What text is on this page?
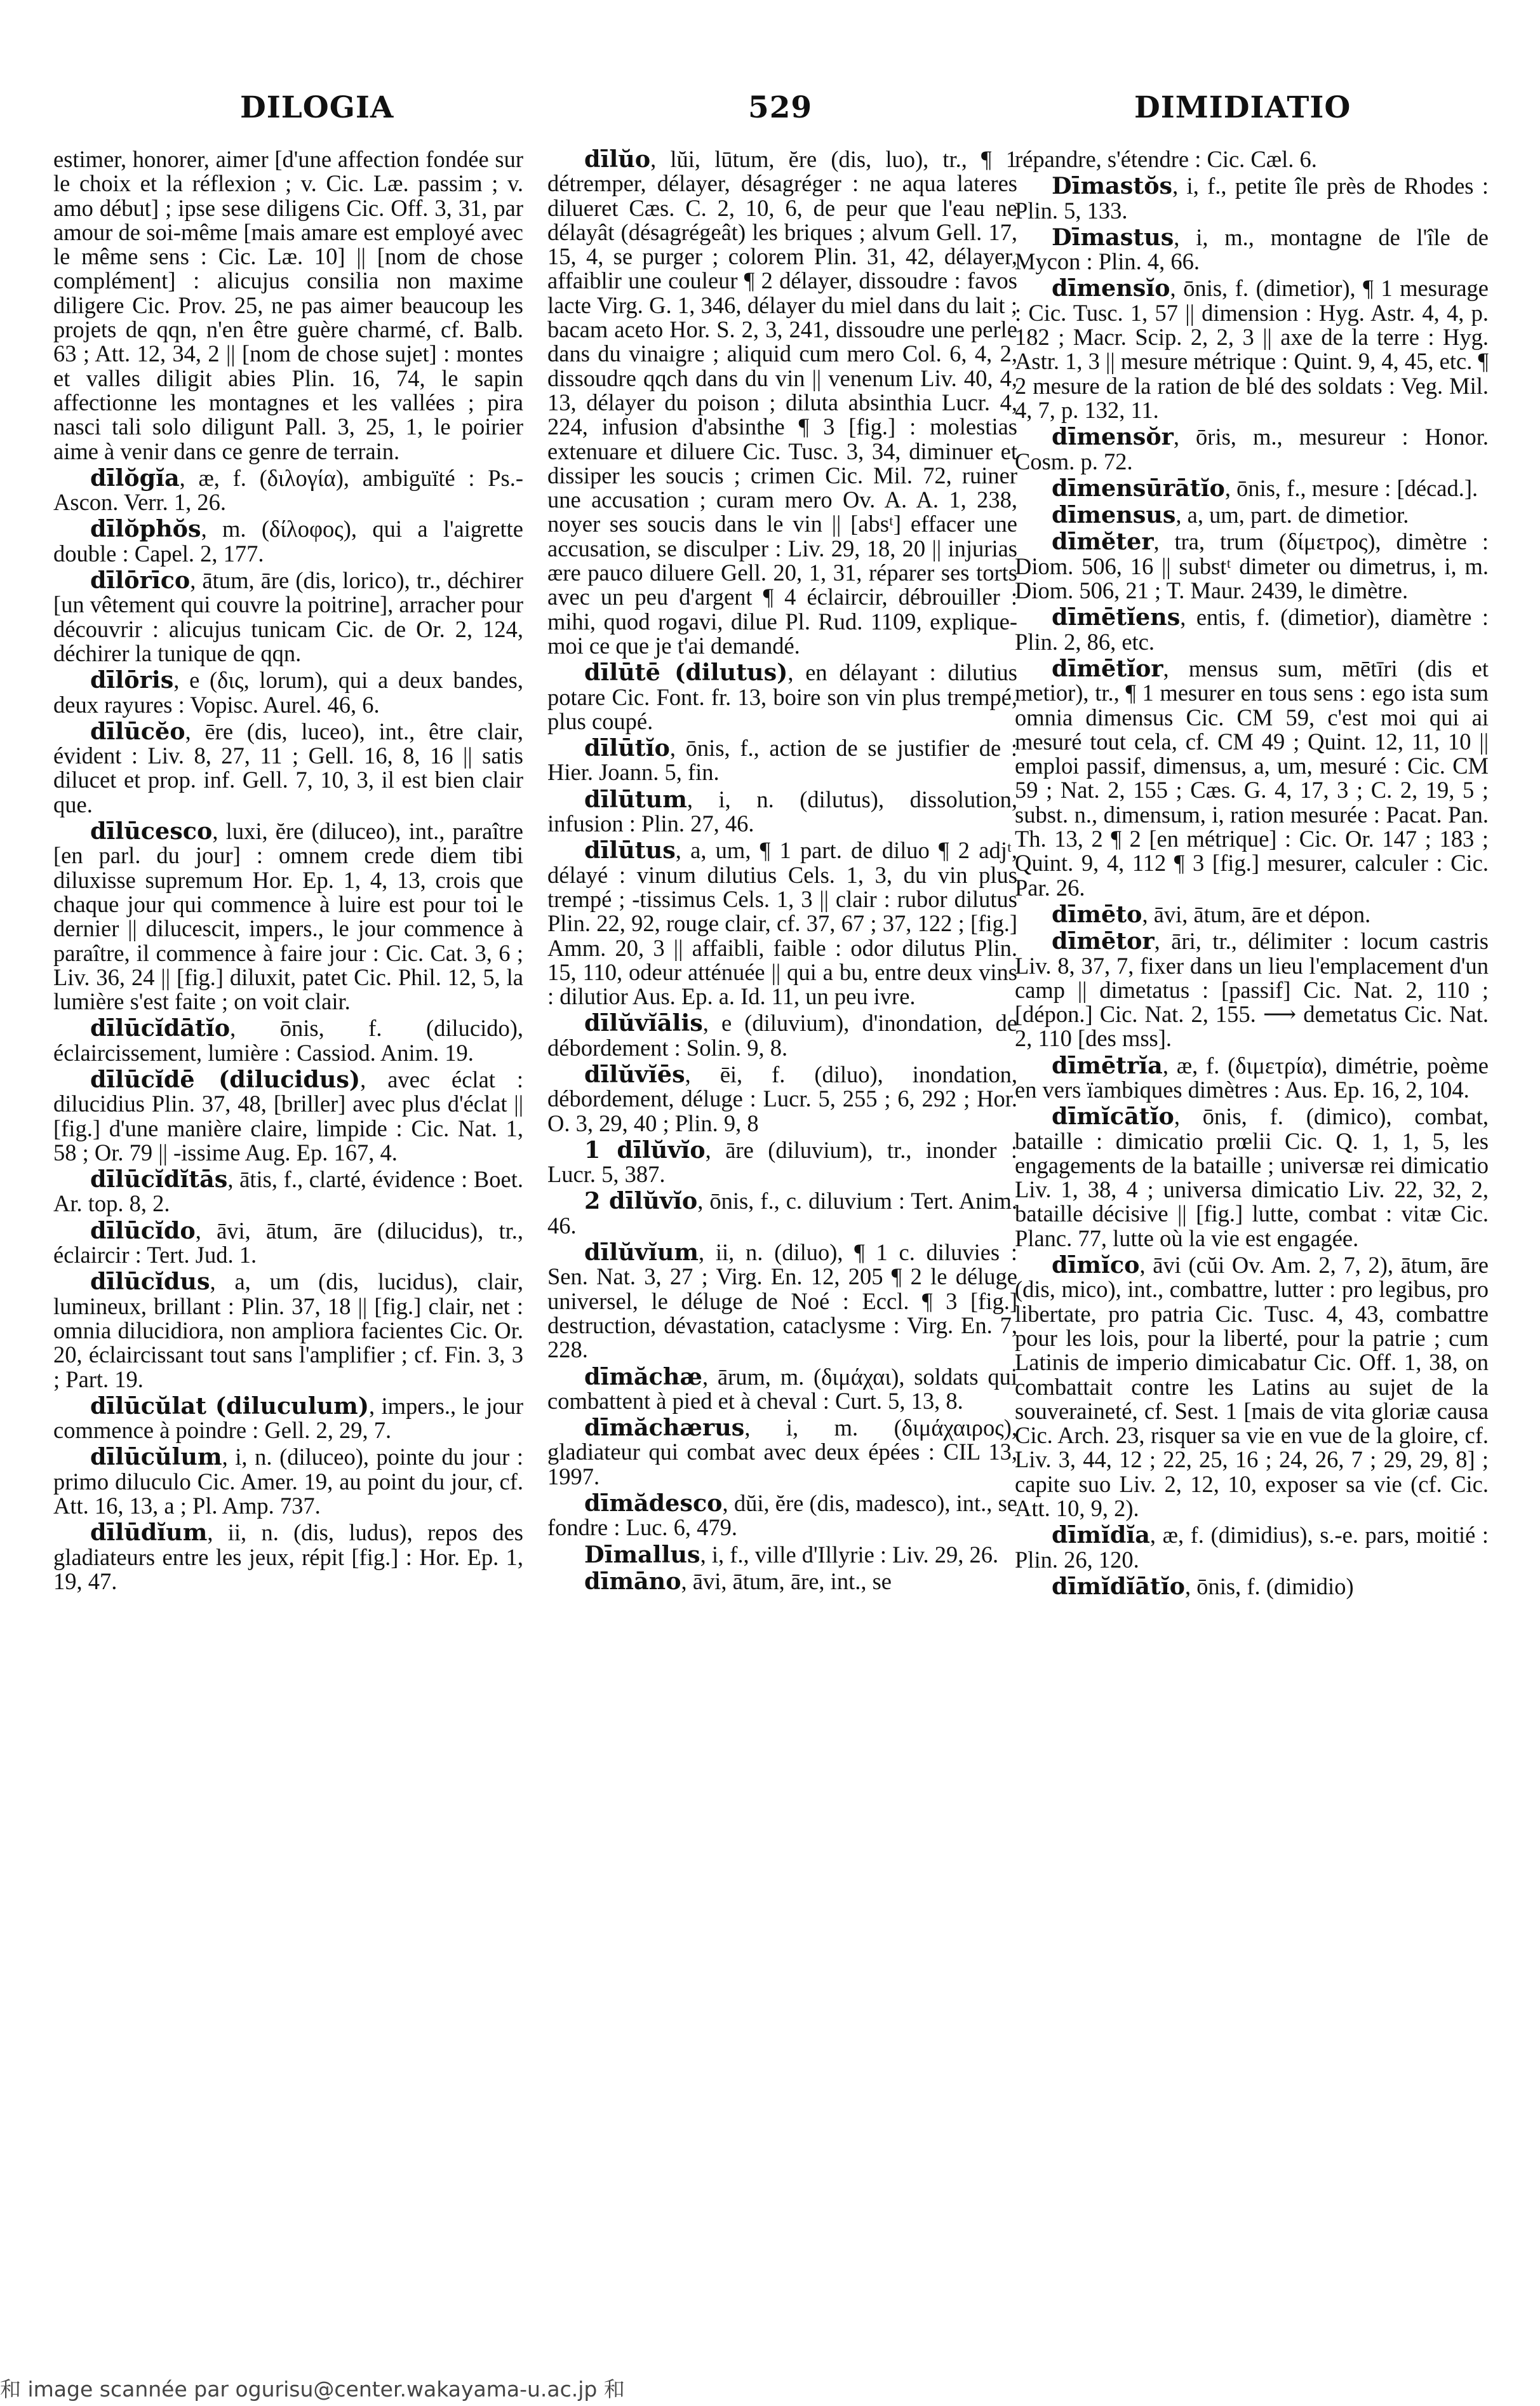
DILOGIA	529	DIMIDIATIO

estimer, honorer, aimer [d'une affection fondée sur le choix et la réflexion ; v. Cic. Læ. passim ; v. amo début] ; ipse sese diligens Cic. Off. 3, 31, par amour de soi-même [mais amare est employé avec le même sens : Cic. Læ. 10] || [nom de chose complément] : alicujus consilia non maxime diligere Cic. Prov. 25, ne pas aimer beaucoup les projets de qqn, n'en être guère charmé, cf. Balb. 63 ; Att. 12, 34, 2 || [nom de chose sujet] : montes et valles diligit abies Plin. 16, 74, le sapin affectionne les montagnes et les vallées ; pira nasci tali solo diligunt Pall. 3, 25, 1, le poirier aime à venir dans ce genre de terrain.

dīlŏgĭa, æ, f. (διλογία), ambiguïté : Ps.-Ascon. Verr. 1, 26.

dīlŏphŏs, m. (δίλοφος), qui a l'aigrette double : Capel. 2, 177.

dīlōrīco, ātum, āre (dis, lorico), tr., déchirer [un vêtement qui couvre la poitrine], arracher pour découvrir : alicujus tunicam Cic. de Or. 2, 124, déchirer la tunique de qqn.

dīlōris, e (δις, lorum), qui a deux bandes, deux rayures : Vopisc. Aurel. 46, 6.

dīlūcĕo, ēre (dis, luceo), int., être clair, évident : Liv. 8, 27, 11 ; Gell. 16, 8, 16 || satis dilucet et prop. inf. Gell. 7, 10, 3, il est bien clair que.

dīlūcesco, luxi, ĕre (diluceo), int., paraître [en parl. du jour] : omnem crede diem tibi diluxisse supremum Hor. Ep. 1, 4, 13, crois que chaque jour qui commence à luire est pour toi le dernier || dilucescit, impers., le jour commence à paraître, il commence à faire jour : Cic. Cat. 3, 6 ; Liv. 36, 24 || [fig.] diluxit, patet Cic. Phil. 12, 5, la lumière s'est faite ; on voit clair.

dīlūcĭdātĭo, ōnis, f. (dilucido), éclaircissement, lumière : Cassiod. Anim. 19.

dīlūcĭdē (dilucidus), avec éclat : dilucidius Plin. 37, 48, [briller] avec plus d'éclat || [fig.] d'une manière claire, limpide : Cic. Nat. 1, 58 ; Or. 79 || -issime Aug. Ep. 167, 4.

dīlūcĭdĭtās, ātis, f., clarté, évidence : Boet. Ar. top. 8, 2.

dīlūcĭdo, āvi, ātum, āre (dilucidus), tr., éclaircir : Tert. Jud. 1.

dīlūcĭdus, a, um (dis, lucidus), clair, lumineux, brillant : Plin. 37, 18 || [fig.] clair, net : omnia dilucidiora, non ampliora facientes Cic. Or. 20, éclaircissant tout sans l'amplifier ; cf. Fin. 3, 3 ; Part. 19.

dīlūcŭlat (diluculum), impers., le jour commence à poindre : Gell. 2, 29, 7.

dīlūcŭlum, i, n. (diluceo), pointe du jour : primo diluculo Cic. Amer. 19, au point du jour, cf. Att. 16, 13, a ; Pl. Amp. 737.

dīlūdĭum, ii, n. (dis, ludus), repos des gladiateurs entre les jeux, répit [fig.] : Hor. Ep. 1, 19, 47.

dīlŭo, lŭi, lūtum, ĕre (dis, luo), tr., ¶ 1 détremper, délayer, désagréger : ne aqua lateres dilueret Cæs. C. 2, 10, 6, de peur que l'eau ne délayât (désagrégeât) les briques ; alvum Gell. 17, 15, 4, se purger ; colorem Plin. 31, 42, délayer, affaiblir une couleur ¶ 2 délayer, dissoudre : favos lacte Virg. G. 1, 346, délayer du miel dans du lait ; bacam aceto Hor. S. 2, 3, 241, dissoudre une perle dans du vinaigre ; aliquid cum mero Col. 6, 4, 2, dissoudre qqch dans du vin || venenum Liv. 40, 4, 13, délayer du poison ; diluta absinthia Lucr. 4, 224, infusion d'absinthe ¶ 3 [fig.] : molestias extenuare et diluere Cic. Tusc. 3, 34, diminuer et dissiper les soucis ; crimen Cic. Mil. 72, ruiner une accusation ; curam mero Ov. A. A. 1, 238, noyer ses soucis dans le vin || [absᵗ] effacer une accusation, se disculper : Liv. 29, 18, 20 || injurias ære pauco diluere Gell. 20, 1, 31, réparer ses torts avec un peu d'argent ¶ 4 éclaircir, débrouiller : mihi, quod rogavi, dilue Pl. Rud. 1109, explique-moi ce que je t'ai demandé.

dīlūtē (dilutus), en délayant : dilutius potare Cic. Font. fr. 13, boire son vin plus trempé, plus coupé.

dīlūtĭo, ōnis, f., action de se justifier de : Hier. Joann. 5, fin.

dīlūtum, i, n. (dilutus), dissolution, infusion : Plin. 27, 46.

dīlūtus, a, um, ¶ 1 part. de diluo ¶ 2 adjᵗ, délayé : vinum dilutius Cels. 1, 3, du vin plus trempé ; -tissimus Cels. 1, 3 || clair : rubor dilutus Plin. 22, 92, rouge clair, cf. 37, 67 ; 37, 122 ; [fig.] Amm. 20, 3 || affaibli, faible : odor dilutus Plin. 15, 110, odeur atténuée || qui a bu, entre deux vins : dilutior Aus. Ep. a. Id. 11, un peu ivre.

dīlŭvĭālis, e (diluvium), d'inondation, de débordement : Solin. 9, 8.

dīlŭvĭēs, ēi, f. (diluo), inondation, débordement, déluge : Lucr. 5, 255 ; 6, 292 ; Hor. O. 3, 29, 40 ; Plin. 9, 8

1 dīlŭvĭo, āre (diluvium), tr., inonder : Lucr. 5, 387.

2 dīlŭvĭo, ōnis, f., c. diluvium : Tert. Anim. 46.

dīlŭvĭum, ii, n. (diluo), ¶ 1 c. diluvies : Sen. Nat. 3, 27 ; Virg. En. 12, 205 ¶ 2 le déluge universel, le déluge de Noé : Eccl. ¶ 3 [fig.] destruction, dévastation, cataclysme : Virg. En. 7, 228.

dīmăchæ, ārum, m. (διμάχαι), soldats qui combattent à pied et à cheval : Curt. 5, 13, 8.

dīmăchærus, i, m. (διμάχαιρος), gladiateur qui combat avec deux épées : CIL 13, 1997.

dīmădesco, dŭi, ĕre (dis, madesco), int., se fondre : Luc. 6, 479.

Dīmallus, i, f., ville d'Illyrie : Liv. 29, 26.

dīmāno, āvi, ātum, āre, int., se

répandre, s'étendre : Cic. Cæl. 6.

Dīmastŏs, i, f., petite île près de Rhodes : Plin. 5, 133.

Dīmastus, i, m., montagne de l'île de Mycon : Plin. 4, 66.

dīmensĭo, ōnis, f. (dimetior), ¶ 1 mesurage : Cic. Tusc. 1, 57 || dimension : Hyg. Astr. 4, 4, p. 182 ; Macr. Scip. 2, 2, 3 || axe de la terre : Hyg. Astr. 1, 3 || mesure métrique : Quint. 9, 4, 45, etc. ¶ 2 mesure de la ration de blé des soldats : Veg. Mil. 4, 7, p. 132, 11.

dīmensŏr, ōris, m., mesureur : Honor. Cosm. p. 72.

dīmensūrātĭo, ōnis, f., mesure : [décad.].

dīmensus, a, um, part. de dimetior.

dīmĕter, tra, trum (δίμετρος), dimètre : Diom. 506, 16 || substᵗ dimeter ou dimetrus, i, m. Diom. 506, 21 ; T. Maur. 2439, le dimètre.

dīmētĭens, entis, f. (dimetior), diamètre : Plin. 2, 86, etc.

dīmētĭor, mensus sum, mētīri (dis et metior), tr., ¶ 1 mesurer en tous sens : ego ista sum omnia dimensus Cic. CM 59, c'est moi qui ai mesuré tout cela, cf. CM 49 ; Quint. 12, 11, 10 || emploi passif, dimensus, a, um, mesuré : Cic. CM 59 ; Nat. 2, 155 ; Cæs. G. 4, 17, 3 ; C. 2, 19, 5 ; subst. n., dimensum, i, ration mesurée : Pacat. Pan. Th. 13, 2 ¶ 2 [en métrique] : Cic. Or. 147 ; 183 ; Quint. 9, 4, 112 ¶ 3 [fig.] mesurer, calculer : Cic. Par. 26.

dīmēto, āvi, ātum, āre et dépon.

dīmētor, āri, tr., délimiter : locum castris Liv. 8, 37, 7, fixer dans un lieu l'emplacement d'un camp || dimetatus : [passif] Cic. Nat. 2, 110 ; [dépon.] Cic. Nat. 2, 155. ⟶ demetatus Cic. Nat. 2, 110 [des mss].

dīmētrĭa, æ, f. (διμετρία), dimétrie, poème en vers ïambiques dimètres : Aus. Ep. 16, 2, 104.

dīmĭcātĭo, ōnis, f. (dimico), combat, bataille : dimicatio prœlii Cic. Q. 1, 1, 5, les engagements de la bataille ; universæ rei dimicatio Liv. 1, 38, 4 ; universa dimicatio Liv. 22, 32, 2, bataille décisive || [fig.] lutte, combat : vitæ Cic. Planc. 77, lutte où la vie est engagée.

dīmĭco, āvi (cŭi Ov. Am. 2, 7, 2), ātum, āre (dis, mico), int., combattre, lutter : pro legibus, pro libertate, pro patria Cic. Tusc. 4, 43, combattre pour les lois, pour la liberté, pour la patrie ; cum Latinis de imperio dimicabatur Cic. Off. 1, 38, on combattait contre les Latins au sujet de la souveraineté, cf. Sest. 1 [mais de vita gloriæ causa Cic. Arch. 23, risquer sa vie en vue de la gloire, cf. Liv. 3, 44, 12 ; 22, 25, 16 ; 24, 26, 7 ; 29, 29, 8] ; capite suo Liv. 2, 12, 10, exposer sa vie (cf. Cic. Att. 10, 9, 2).

dīmĭdĭa, æ, f. (dimidius), s.-e. pars, moitié : Plin. 26, 120.

dīmĭdĭātĭo, ōnis, f. (dimidio)

和 image scannée par ogurisu@center.wakayama-u.ac.jp 和
